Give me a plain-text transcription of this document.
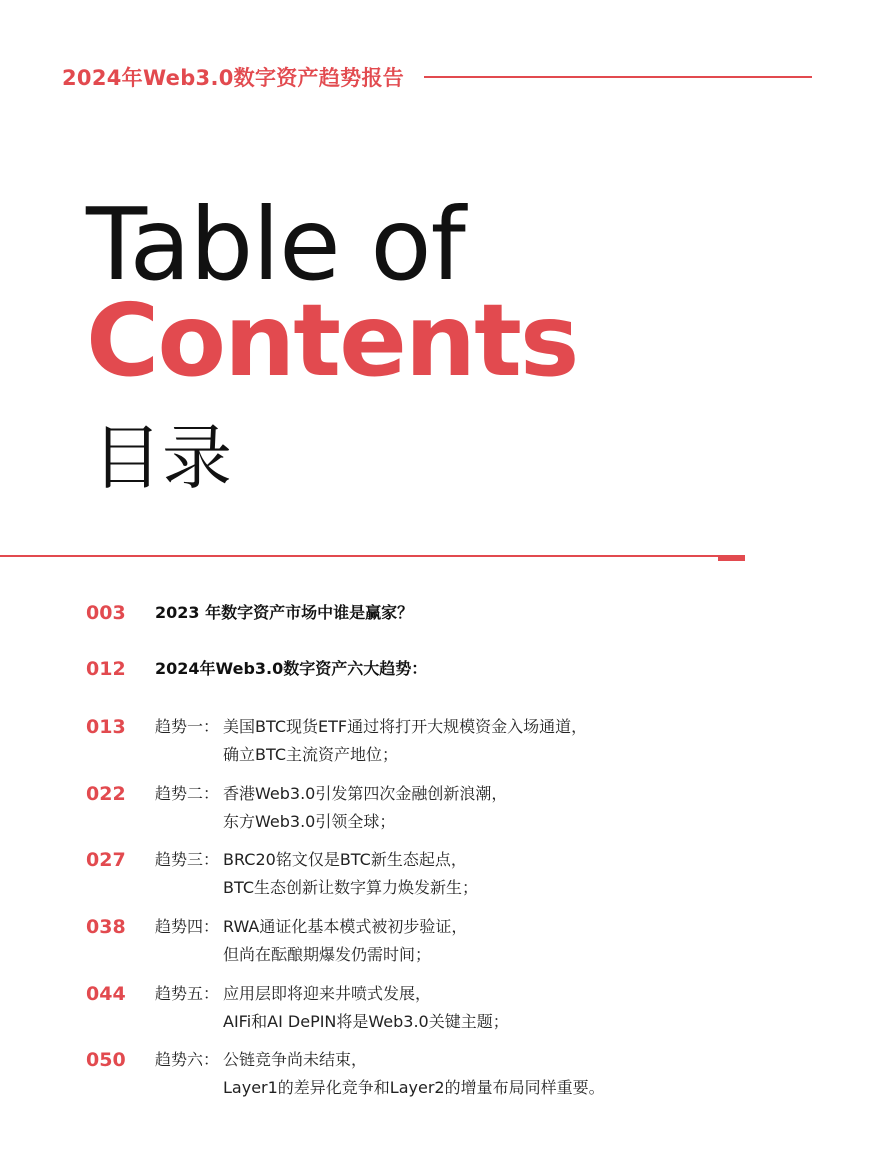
2024年Web3.0数字资产趋势报告
Table of
Contents
目录
003 2023 年数字资产市场中谁是赢家？
012 2024年Web3.0数字资产六大趋势：
013 趋势一： 美国BTC现货ETF通过将打开大规模资金入场通道，
确立BTC主流资产地位；
022 趋势二： 香港Web3.0引发第四次金融创新浪潮，
东方Web3.0引领全球；
027 趋势三： BRC20铭文仅是BTC新生态起点，
BTC生态创新让数字算力焕发新生；
038 趋势四： RWA通证化基本模式被初步验证，
但尚在酝酿期爆发仍需时间；
044 趋势五： 应用层即将迎来井喷式发展，
AIFi和AI DePIN将是Web3.0关键主题；
050 趋势六： 公链竞争尚未结束，
Layer1的差异化竞争和Layer2的增量布局同样重要。
